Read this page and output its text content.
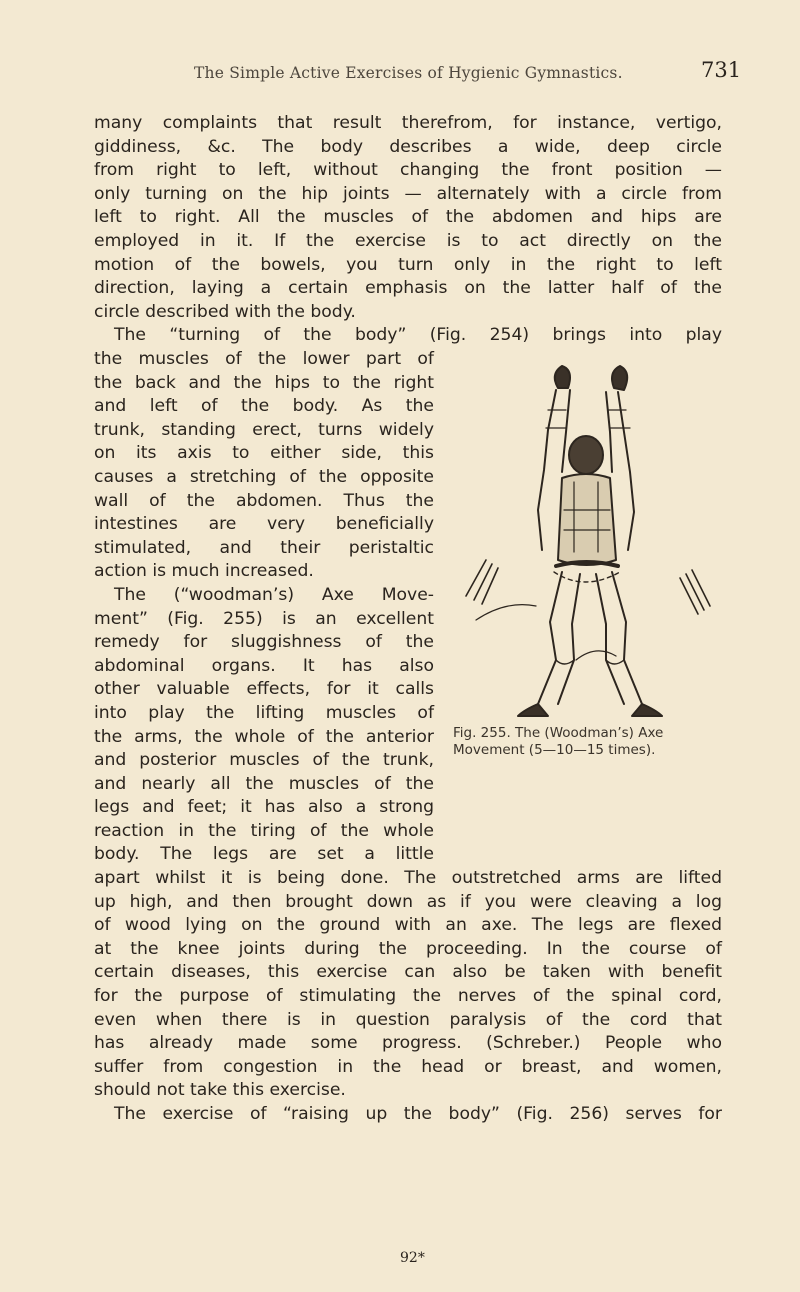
The Simple Active Exercises of Hygienic Gymnastics.	731
many complaints that result therefrom, for instance, vertigo,
giddiness, &c. The body describes a wide, deep circle
from right to left, without changing the front position —
only turning on the hip joints — alternately with a circle from
left to right. All the muscles of the abdomen and hips are
employed in it. If the exercise is to act directly on the
motion of the bowels, you turn only in the right to left
direction, laying a certain emphasis on the latter half of the
circle described with the body.
The “turning of the body” (Fig. 254) brings into play
the muscles of the lower part of
the back and the hips to the right
and left of the body. As the
trunk, standing erect, turns widely
on its axis to either side, this
causes a stretching of the opposite
wall of the abdomen. Thus the
intestines are very beneficially
stimulated, and their peristaltic
action is much increased.
The (“woodman’s) Axe Move-
ment” (Fig. 255) is an excellent
remedy for sluggishness of the
abdominal organs. It has also
other valuable effects, for it calls
into play the lifting muscles of
the arms, the whole of the anterior
and posterior muscles of the trunk,
and nearly all the muscles of the
legs and feet; it has also a strong
reaction in the tiring of the whole
body. The legs are set a little
Fig. 255. The (Woodman’s) Axe
Movement (5—10—15 times).
apart whilst it is being done. The outstretched arms are lifted
up high, and then brought down as if you were cleaving a log
of wood lying on the ground with an axe. The legs are flexed
at the knee joints during the proceeding. In the course of
certain diseases, this exercise can also be taken with benefit
for the purpose of stimulating the nerves of the spinal cord,
even when there is in question paralysis of the cord that
has already made some progress. (Schreber.) People who
suffer from congestion in the head or breast, and women,
should not take this exercise.
The exercise of “raising up the body” (Fig. 256) serves for
92*
